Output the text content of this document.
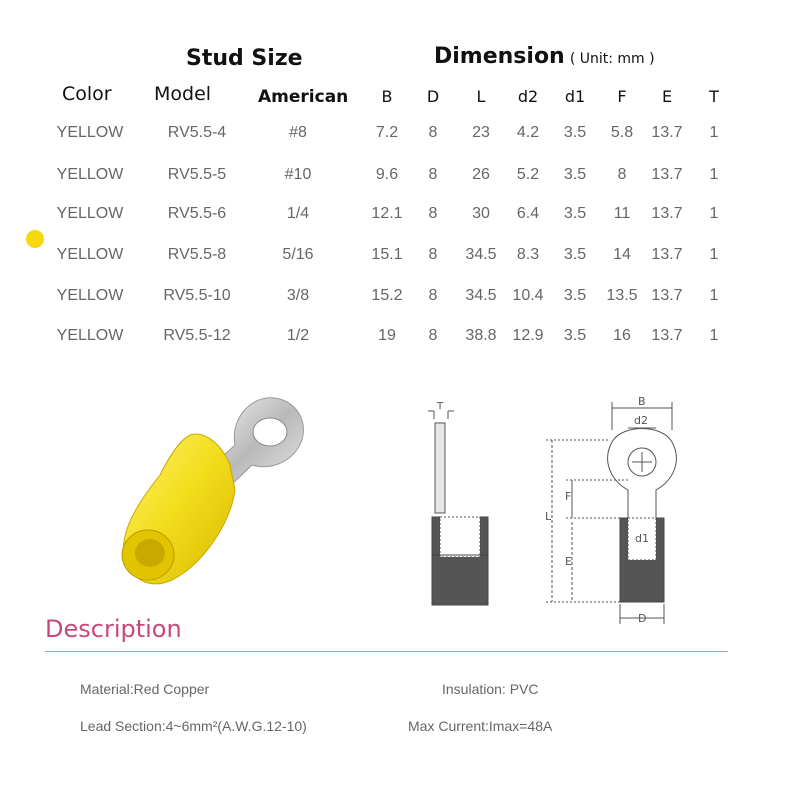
Stud Size	Dimension ( Unit: mm )
Color Model	American B D L d2 d1 F E T
YELLOW	RV5.5-4	#8	7.2 8 23 4.2 3.5 5.8 13.7 1
YELLOW	RV5.5-5	#10	9.6 8 26 5.2 3.5 8 13.7 1
YELLOW	RV5.5-6	1/4	12.1 8 30 6.4 3.5 11 13.7 1
YELLOW	RV5.5-8	5/16	15.1 8 34.5 8.3 3.5 14 13.7 1
YELLOW	RV5.5-10	3/8	15.2 8 34.5 10.4 3.5 13.5 13.7 1
YELLOW	RV5.5-12	1/2	19 8 38.8 12.9 3.5 16 13.7 1
T	B
d2
F
L
E
d1
D
Description
Material:Red Copper	Insulation: PVC
Lead Section:4~6mm²(A.W.G.12-10)	Max Current:Imax=48A
